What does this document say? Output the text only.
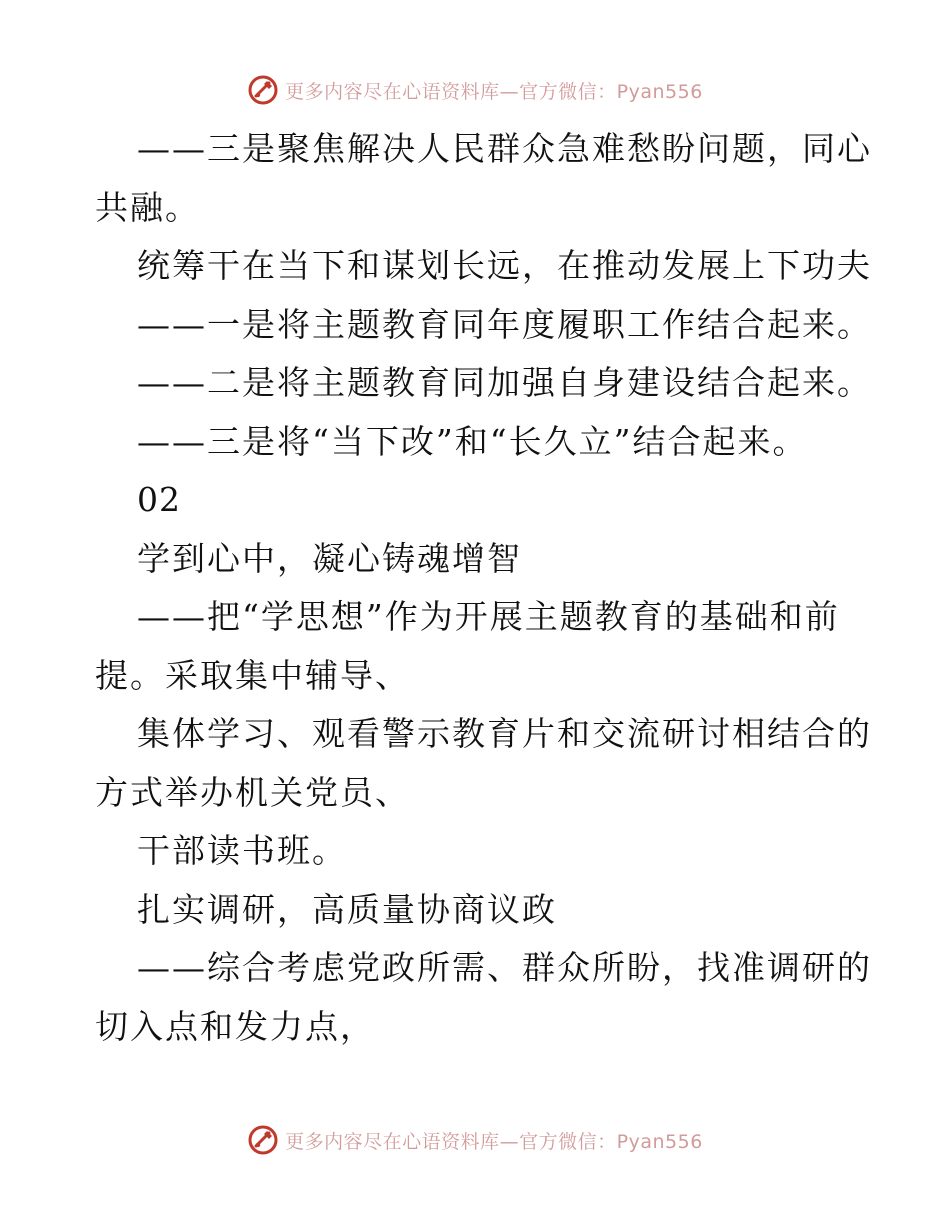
更多内容尽在心语资料库—官方微信：Pyan556
——三是聚焦解决人民群众急难愁盼问题，同心
共融。
统筹干在当下和谋划长远，在推动发展上下功夫
——一是将主题教育同年度履职工作结合起来。
——二是将主题教育同加强自身建设结合起来。
——三是将“当下改”和“长久立”结合起来。
02
学到心中，凝心铸魂增智
——把“学思想”作为开展主题教育的基础和前
提。采取集中辅导、
集体学习、观看警示教育片和交流研讨相结合的
方式举办机关党员、
干部读书班。
扎实调研，高质量协商议政
——综合考虑党政所需、群众所盼，找准调研的
切入点和发力点，
更多内容尽在心语资料库—官方微信：Pyan556
